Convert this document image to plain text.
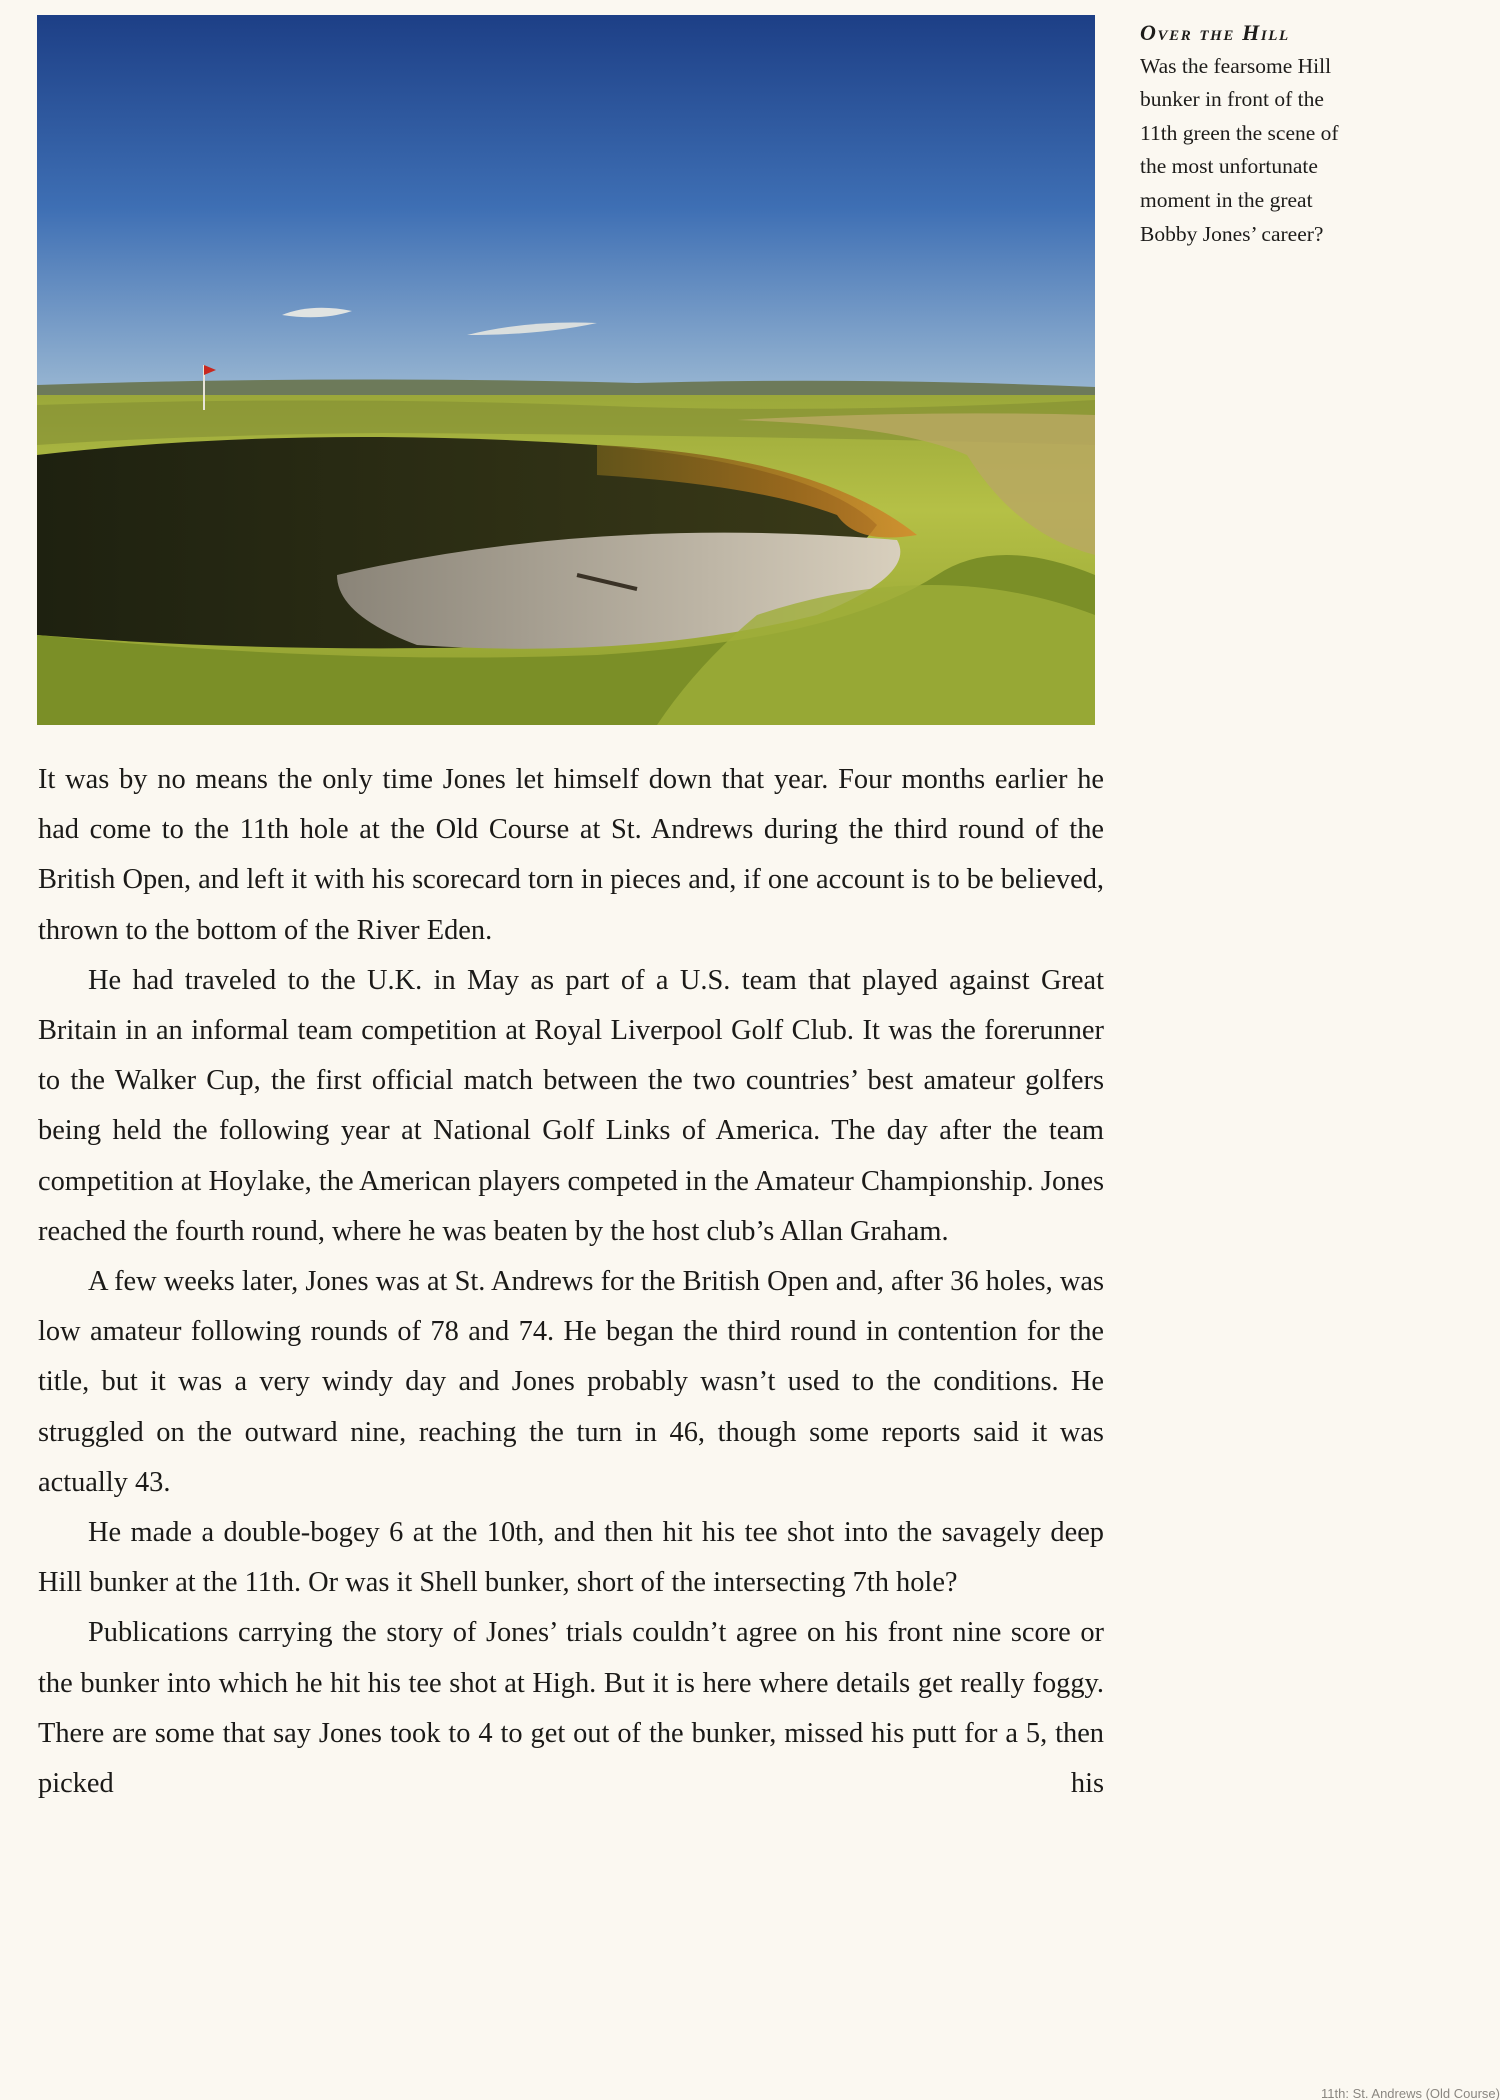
Over the Hill
Was the fearsome Hill
bunker in front of the
11th green the scene of
the most unfortunate
moment in the great
Bobby Jones’ career?

It was by no means the only time Jones let himself down that year. Four months earlier he had come to the 11th hole at the Old Course at St. Andrews during the third round of the British Open, and left it with his scorecard torn in pieces and, if one account is to be believed, thrown to the bottom of the River Eden.

He had traveled to the U.K. in May as part of a U.S. team that played against Great Britain in an informal team competition at Royal Liverpool Golf Club. It was the forerunner to the Walker Cup, the first official match between the two countries’ best amateur golfers being held the following year at National Golf Links of America. The day after the team competition at Hoylake, the American players competed in the Amateur Championship. Jones reached the fourth round, where he was beaten by the host club’s Allan Graham.

A few weeks later, Jones was at St. Andrews for the British Open and, after 36 holes, was low amateur following rounds of 78 and 74. He began the third round in contention for the title, but it was a very windy day and Jones probably wasn’t used to the conditions. He struggled on the outward nine, reaching the turn in 46, though some reports said it was actually 43.

He made a double-bogey 6 at the 10th, and then hit his tee shot into the savagely deep Hill bunker at the 11th. Or was it Shell bunker, short of the intersecting 7th hole?

Publications carrying the story of Jones’ trials couldn’t agree on his front nine score or the bunker into which he hit his tee shot at High. But it is here where details get really foggy. There are some that say Jones took to 4 to get out of the bunker, missed his putt for a 5, then picked his

11th: St. Andrews (Old Course)
